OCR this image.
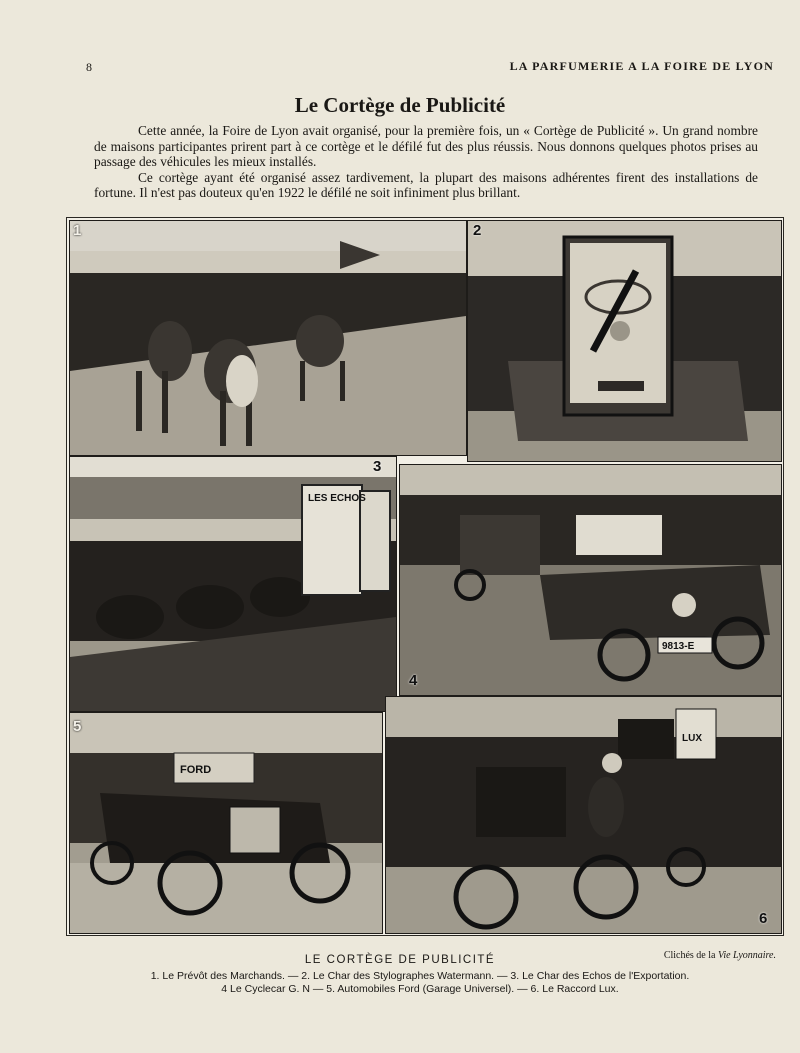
8	LA PARFUMERIE A LA FOIRE DE LYON
Le Cortège de Publicité

Cette année, la Foire de Lyon avait organisé, pour la première fois, un « Cortège de Publicité ». Un grand nombre de maisons participantes prirent part à ce cortège et le défilé fut des plus réussis. Nous donnons quelques photos prises au passage des véhicules les mieux installés.

Ce cortège ayant été organisé assez tardivement, la plupart des maisons adhérentes firent des installations de fortune. Il n'est pas douteux qu'en 1922 le défilé ne soit infiniment plus brillant.

1	2
LES ECHOS
3
9813-E
4
FORD
5
LUX
6
Clichés de la Vie Lyonnaire.
LE CORTÈGE DE PUBLICITÉ
1. Le Prévôt des Marchands. — 2. Le Char des Stylographes Watermann. — 3. Le Char des Echos de l'Exportation.
4 Le Cyclecar G. N — 5. Automobiles Ford (Garage Universel). — 6. Le Raccord Lux.
